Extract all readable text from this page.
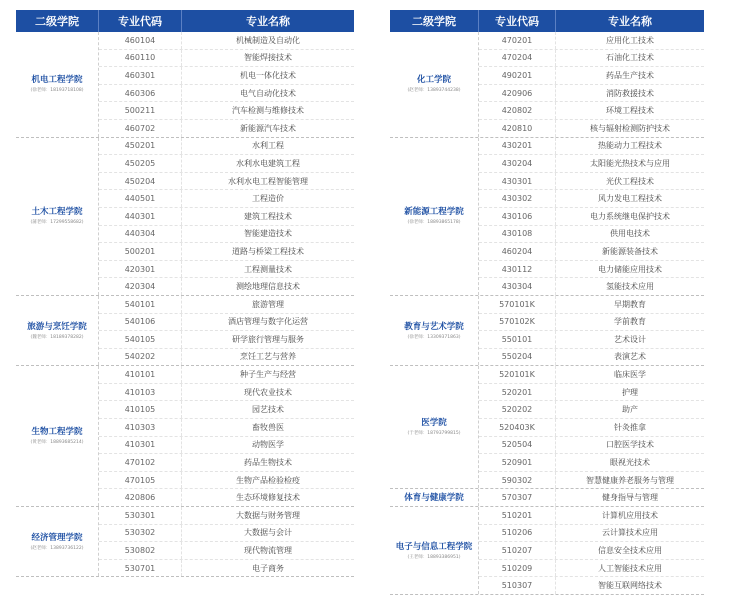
二级学院	专业代码	专业名称
机电工程学院
(徐老师：18193718108)
460104	机械制造及自动化
460110	智能焊接技术
460301	机电一体化技术
460306	电气自动化技术
500211	汽车检测与维修技术
460702	新能源汽车技术
土木工程学院
(蒲老师：17299558682)
450201	水利工程
450205	水利水电建筑工程
450204	水利水电工程智能管理
440501	工程造价
440301	建筑工程技术
440304	智能建造技术
500201	道路与桥梁工程技术
420301	工程测量技术
420304	测绘地理信息技术
旅游与烹饪学院
(魏老师：18189378282)
540101	旅游管理
540106	酒店管理与数字化运营
540105	研学旅行管理与服务
540202	烹饪工艺与营养
生物工程学院
(黄老师：18893685214)
410101	种子生产与经营
410103	现代农业技术
410105	园艺技术
410303	畜牧兽医
410301	动物医学
470102	药品生物技术
470105	生物产品检验检疫
420806	生态环境修复技术
经济管理学院
(赵老师：13893736122)
530301	大数据与财务管理
530302	大数据与会计
530802	现代物流管理
530701	电子商务
二级学院	专业代码	专业名称
化工学院
(赵老师：13893744238)
470201	应用化工技术
470204	石油化工技术
490201	药品生产技术
420906	消防救援技术
420802	环境工程技术
420810	核与辐射检测防护技术
新能源工程学院
(徐老师：18893865178)
430201	热能动力工程技术
430204	太阳能光热技术与应用
430301	光伏工程技术
430302	风力发电工程技术
430106	电力系统继电保护技术
430108	供用电技术
460204	新能源装备技术
430112	电力储能应用技术
430304	氢能技术应用
教育与艺术学院
(徐老师：13309371863)
570101K	早期教育
570102K	学前教育
550101	艺术设计
550204	表演艺术
医学院
(于老师：18793799815)
520101K	临床医学
520201	护理
520202	助产
520403K	针灸推拿
520504	口腔医学技术
520901	眼视光技术
590302	智慧健康养老服务与管理
体育与健康学院	570307	健身指导与管理
电子与信息工程学院
(王老师：18893386951)
510201	计算机应用技术
510206	云计算技术应用
510207	信息安全技术应用
510209	人工智能技术应用
510307	智能互联网络技术
